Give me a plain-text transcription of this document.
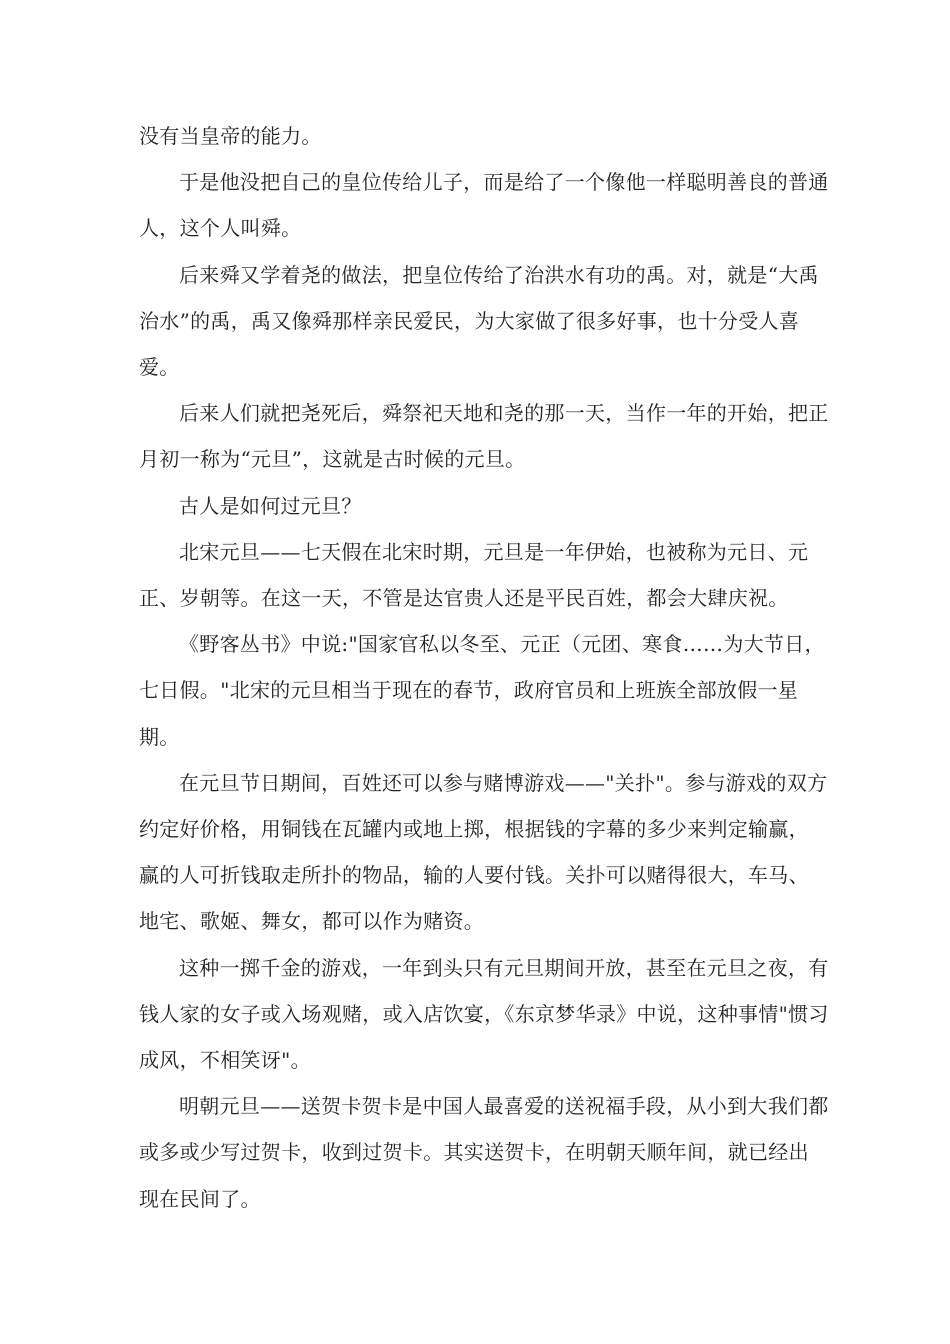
没有当皇帝的能力。

于是他没把自己的皇位传给儿子，而是给了一个像他一样聪明善良的普通人，这个人叫舜。

后来舜又学着尧的做法，把皇位传给了治洪水有功的禹。对，就是“大禹治水”的禹，禹又像舜那样亲民爱民，为大家做了很多好事，也十分受人喜爱。

后来人们就把尧死后，舜祭祀天地和尧的那一天，当作一年的开始，把正月初一称为“元旦”，这就是古时候的元旦。

古人是如何过元旦？

北宋元旦——七天假在北宋时期，元旦是一年伊始，也被称为元日、元正、岁朝等。在这一天，不管是达官贵人还是平民百姓，都会大肆庆祝。

《野客丛书》中说:"国家官私以冬至、元正（元团、寒食……为大节日，七日假。"北宋的元旦相当于现在的春节，政府官员和上班族全部放假一星期。

在元旦节日期间，百姓还可以参与赌博游戏——"关扑"。参与游戏的双方约定好价格，用铜钱在瓦罐内或地上掷，根据钱的字幕的多少来判定输赢，赢的人可折钱取走所扑的物品，输的人要付钱。关扑可以赌得很大，车马、地宅、歌姬、舞女，都可以作为赌资。

这种一掷千金的游戏，一年到头只有元旦期间开放，甚至在元旦之夜，有钱人家的女子或入场观赌，或入店饮宴，《东京梦华录》中说，这种事情"惯习成风，不相笑讶"。

明朝元旦——送贺卡贺卡是中国人最喜爱的送祝福手段，从小到大我们都或多或少写过贺卡，收到过贺卡。其实送贺卡，在明朝天顺年间，就已经出现在民间了。
